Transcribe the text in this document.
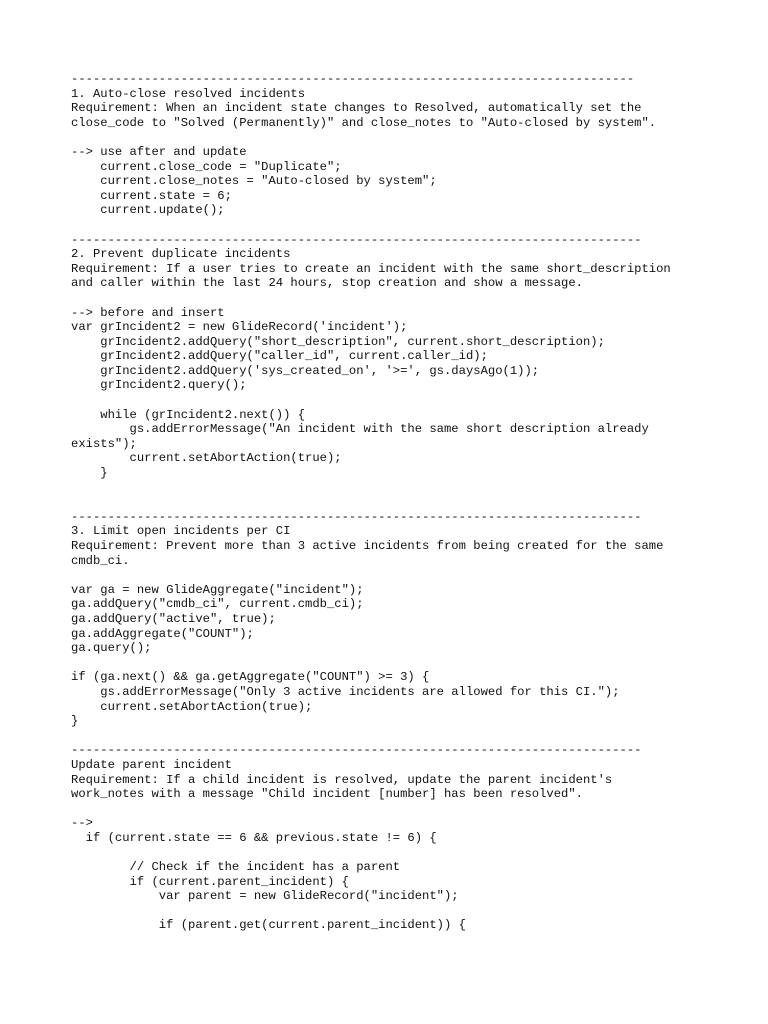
-----------------------------------------------------------------------------
1. Auto-close resolved incidents
Requirement: When an incident state changes to Resolved, automatically set the
close_code to "Solved (Permanently)" and close_notes to "Auto-closed by system".
--> use after and update
current.close_code = "Duplicate";
current.close_notes = "Auto-closed by system";
current.state = 6;
current.update();
------------------------------------------------------------------------------
2. Prevent duplicate incidents
Requirement: If a user tries to create an incident with the same short_description
and caller within the last 24 hours, stop creation and show a message.
--> before and insert
var grIncident2 = new GlideRecord('incident');
grIncident2.addQuery("short_description", current.short_description);
grIncident2.addQuery("caller_id", current.caller_id);
grIncident2.addQuery('sys_created_on', '>=', gs.daysAgo(1));
grIncident2.query();
while (grIncident2.next()) {
gs.addErrorMessage("An incident with the same short description already
exists");
current.setAbortAction(true);
}
------------------------------------------------------------------------------
3. Limit open incidents per CI
Requirement: Prevent more than 3 active incidents from being created for the same
cmdb_ci.
var ga = new GlideAggregate("incident");
ga.addQuery("cmdb_ci", current.cmdb_ci);
ga.addQuery("active", true);
ga.addAggregate("COUNT");
ga.query();
if (ga.next() && ga.getAggregate("COUNT") >= 3) {
gs.addErrorMessage("Only 3 active incidents are allowed for this CI.");
current.setAbortAction(true);
}
------------------------------------------------------------------------------
Update parent incident
Requirement: If a child incident is resolved, update the parent incident's
work_notes with a message "Child incident [number] has been resolved".
-->
if (current.state == 6 && previous.state != 6) {
// Check if the incident has a parent
if (current.parent_incident) {
var parent = new GlideRecord("incident");
if (parent.get(current.parent_incident)) {
